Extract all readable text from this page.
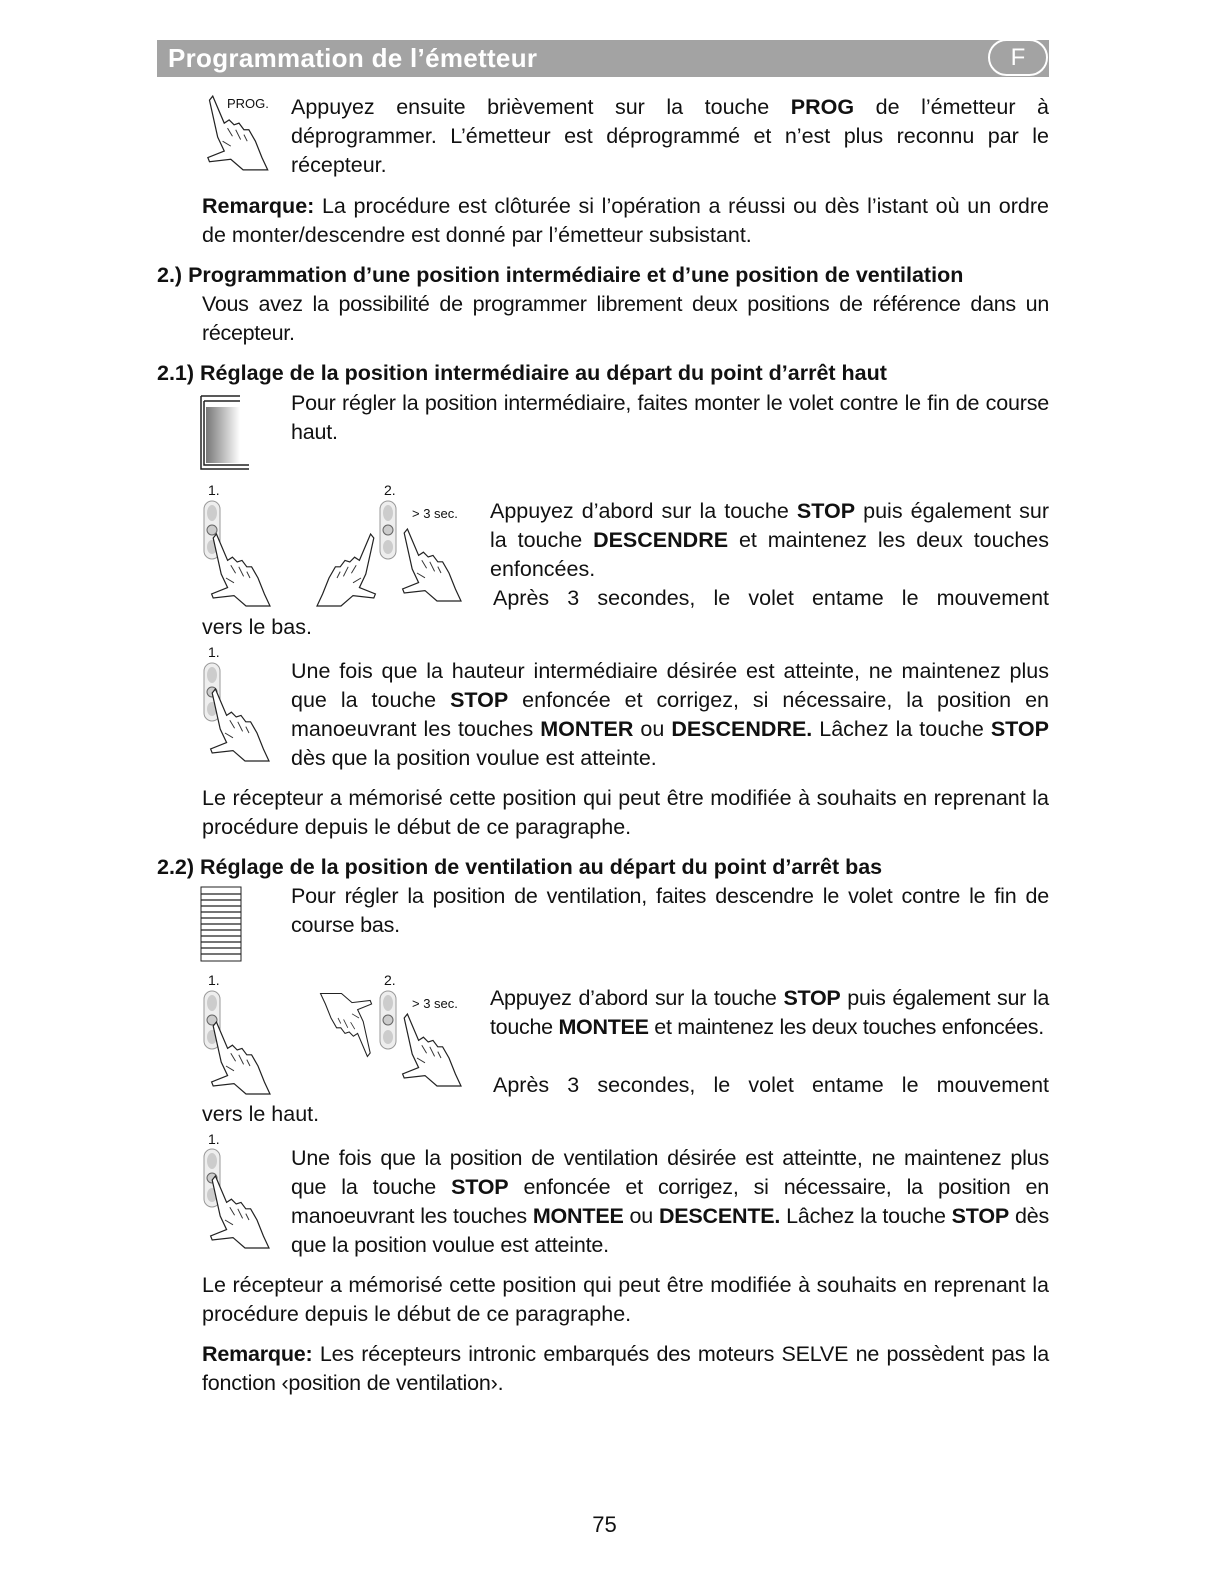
Programmation de l’émetteur	F
PROG. Appuyez ensuite brièvement sur la touche PROG de l’émetteur à déprogrammer. L’émetteur est déprogrammé et n’est plus reconnu par le récepteur.
Remarque: La procédure est clôturée si l’opération a réussi ou dès l’istant où un ordre de monter/descendre est donné par l’émetteur subsistant.
2.) Programmation d’une position intermédiaire et d’une position de ventilation
Vous avez la possibilité de programmer librement deux positions de référence dans un récepteur.
2.1) Réglage de la position intermédiaire au départ du point d’arrêt haut
Pour régler la position intermédiaire, faites monter le volet contre le fin de course haut.
1.	2.
> 3 sec. Appuyez d’abord sur la touche STOP puis également sur la touche DESCENDRE et maintenez les deux touches enfoncées.
Après 3 secondes, le volet entame le mouvement
vers le bas.
1.
Une fois que la hauteur intermédiaire désirée est atteinte, ne maintenez plus que la touche STOP enfoncée et corrigez, si nécessaire, la position en manoeuvrant les touches MONTER ou DESCENDRE. Lâchez la touche STOP dès que la position voulue est atteinte.
Le récepteur a mémorisé cette position qui peut être modifiée à souhaits en reprenant la procédure depuis le début de ce paragraphe.
2.2) Réglage de la position de ventilation au départ du point d’arrêt bas
Pour régler la position de ventilation, faites descendre le volet contre le fin de course bas.
1.	2.
> 3 sec. Appuyez d’abord sur la touche STOP puis également sur la touche MONTEE et maintenez les deux touches enfoncées.
Après 3 secondes, le volet entame le mouvement
vers le haut.
1.
Une fois que la position de ventilation désirée est atteintte, ne maintenez plus que la touche STOP enfoncée et corrigez, si nécessaire, la position en manoeuvrant les touches MONTEE ou DESCENTE. Lâchez la touche STOP dès que la position voulue est atteinte.
Le récepteur a mémorisé cette position qui peut être modifiée à souhaits en reprenant la procédure depuis le début de ce paragraphe.
Remarque: Les récepteurs intronic embarqués des moteurs SELVE ne possèdent pas la fonction ‹position de ventilation›.
75
